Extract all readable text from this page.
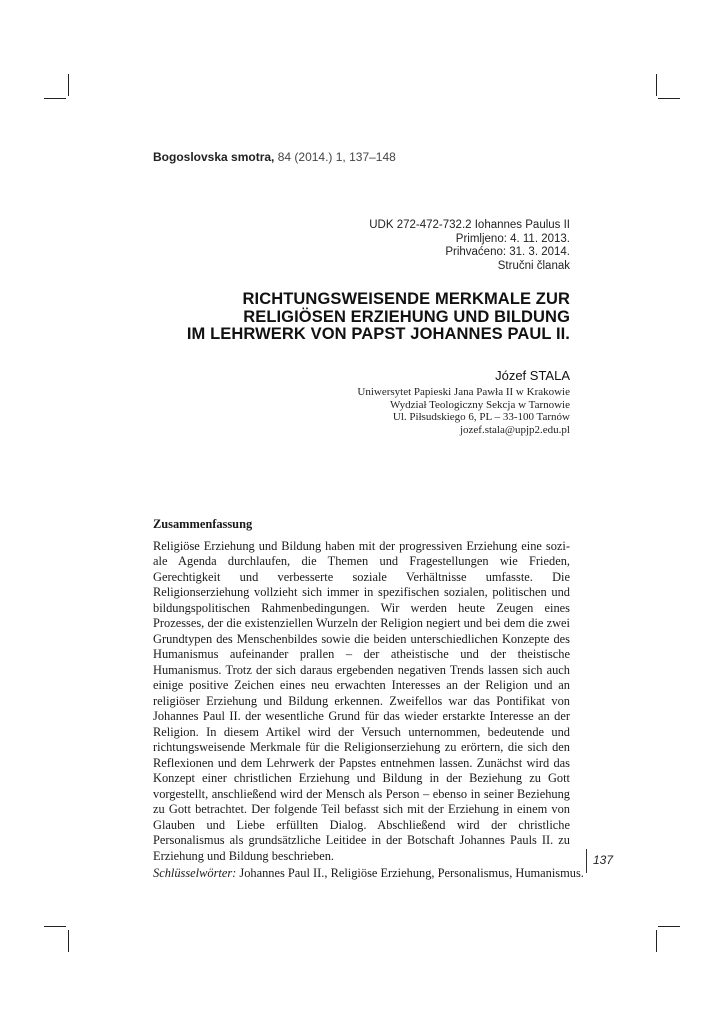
Bogoslovska smotra, 84 (2014.) 1, 137–148
UDK 272-472-732.2 Iohannes Paulus II
Primljeno: 4. 11. 2013.
Prihvaćeno: 31. 3. 2014.
Stručni članak
RICHTUNGSWEISENDE MERKMALE ZUR
RELIGIÖSEN ERZIEHUNG UND BILDUNG
IM LEHRWERK VON PAPST JOHANNES PAUL II.
Józef STALA
Uniwersytet Papieski Jana Pawła II w Krakowie
Wydział Teologiczny Sekcja w Tarnowie
Ul. Piłsudskiego 6, PL – 33-100 Tarnów
jozef.stala@upjp2.edu.pl
Zusammenfassung
Religiöse Erziehung und Bildung haben mit der progressiven Erziehung eine soziale Agenda durchlaufen, die Themen und Fragestellungen wie Frieden, Gerechtigkeit und verbesserte soziale Verhältnisse umfasste. Die Religionserziehung vollzieht sich immer in spezifischen sozialen, politischen und bildungspolitischen Rahmenbedingungen. Wir werden heute Zeugen eines Prozesses, der die existenziellen Wurzeln der Religion negiert und bei dem die zwei Grundtypen des Menschenbildes sowie die beiden unterschiedlichen Konzepte des Humanismus aufeinander prallen – der atheistische und der theistische Humanismus. Trotz der sich daraus ergebenden negativen Trends lassen sich auch einige positive Zeichen eines neu erwachten Interesses an der Religion und an religiöser Erziehung und Bildung erkennen. Zweifellos war das Pontifikat von Johannes Paul II. der wesentliche Grund für das wieder erstarkte Interesse an der Religion. In diesem Artikel wird der Versuch unternommen, bedeutende und richtungsweisende Merkmale für die Religionserziehung zu erörtern, die sich den Reflexionen und dem Lehrwerk der Papstes entnehmen lassen. Zunächst wird das Konzept einer christlichen Erziehung und Bildung in der Beziehung zu Gott vorgestellt, anschließend wird der Mensch als Person – ebenso in seiner Beziehung zu Gott betrachtet. Der folgende Teil befasst sich mit der Erziehung in einem von Glauben und Liebe erfüllten Dialog. Abschließend wird der christliche Personalismus als grundsätzliche Leitidee in der Botschaft Johannes Pauls II. zu Erziehung und Bildung beschrieben.
Schlüsselwörter: Johannes Paul II., Religiöse Erziehung, Personalismus, Humanismus.
137
